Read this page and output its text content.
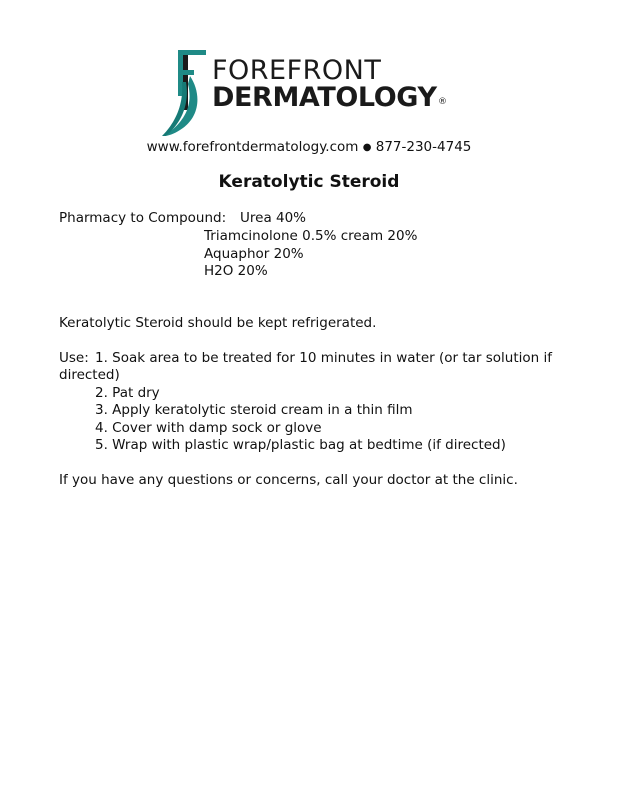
FOREFRONT
DERMATOLOGY ®
www.forefrontdermatology.com ● 877-230-4745
Keratolytic Steroid
Pharmacy to Compound: Urea 40%
Triamcinolone 0.5% cream 20%
Aquaphor 20%
H2O 20%
Keratolytic Steroid should be kept refrigerated.
Use: 1. Soak area to be treated for 10 minutes in water (or tar solution if
directed)
2. Pat dry
3. Apply keratolytic steroid cream in a thin film
4. Cover with damp sock or glove
5. Wrap with plastic wrap/plastic bag at bedtime (if directed)
If you have any questions or concerns, call your doctor at the clinic.
